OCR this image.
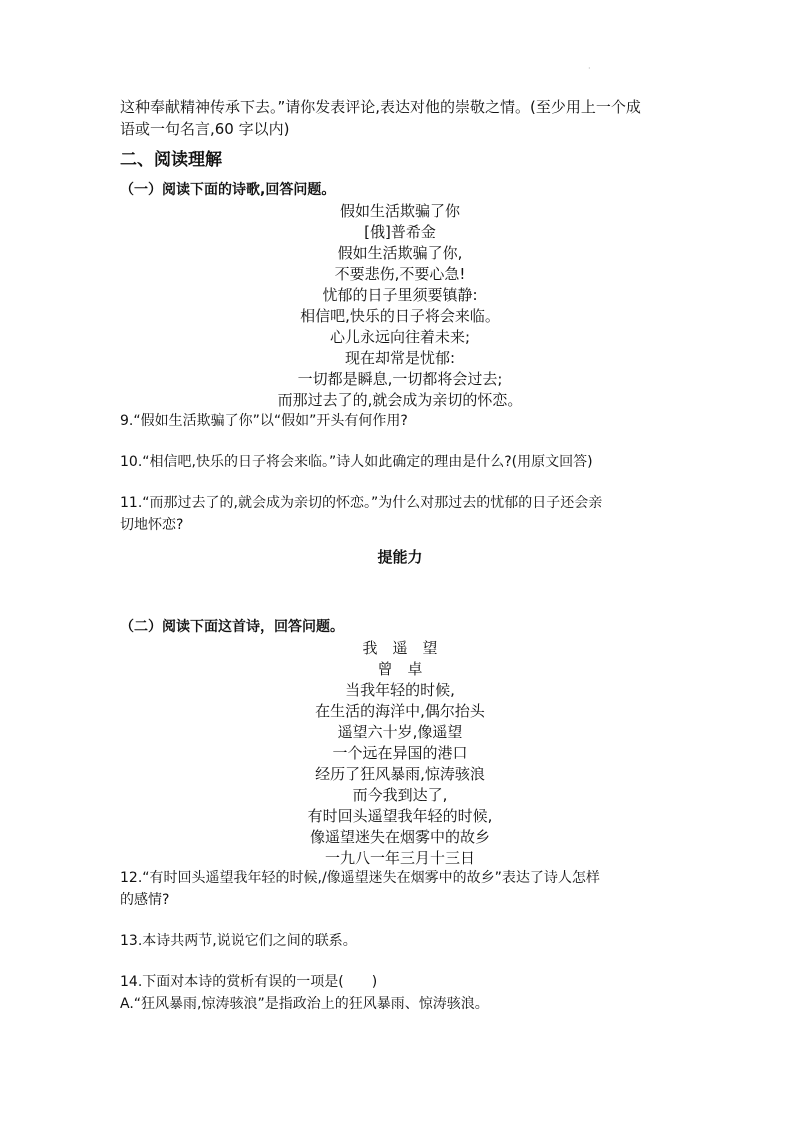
·
这种奉献精神传承下去。”请你发表评论,表达对他的崇敬之情。(至少用上一个成
语或一句名言,60 字以内)
二、阅读理解
（一）阅读下面的诗歌,回答问题。
假如生活欺骗了你
[俄]普希金
假如生活欺骗了你,
不要悲伤,不要心急!
忧郁的日子里须要镇静:
相信吧,快乐的日子将会来临。
心儿永远向往着未来;
现在却常是忧郁:
一切都是瞬息,一切都将会过去;
而那过去了的,就会成为亲切的怀恋。
9.“假如生活欺骗了你”以“假如”开头有何作用?
10.“相信吧,快乐的日子将会来临。”诗人如此确定的理由是什么?(用原文回答)
11.“而那过去了的,就会成为亲切的怀恋。”为什么对那过去的忧郁的日子还会亲
切地怀恋?
提能力
（二）阅读下面这首诗，回答问题。
我　遥　望
曾　卓
当我年轻的时候,
在生活的海洋中,偶尔抬头
遥望六十岁,像遥望
一个远在异国的港口
经历了狂风暴雨,惊涛骇浪
而今我到达了,
有时回头遥望我年轻的时候,
像遥望迷失在烟雾中的故乡
一九八一年三月十三日
12.“有时回头遥望我年轻的时候,/像遥望迷失在烟雾中的故乡”表达了诗人怎样
的感情?
13.本诗共两节,说说它们之间的联系。
14.下面对本诗的赏析有误的一项是(　　)
A.“狂风暴雨,惊涛骇浪”是指政治上的狂风暴雨、惊涛骇浪。
